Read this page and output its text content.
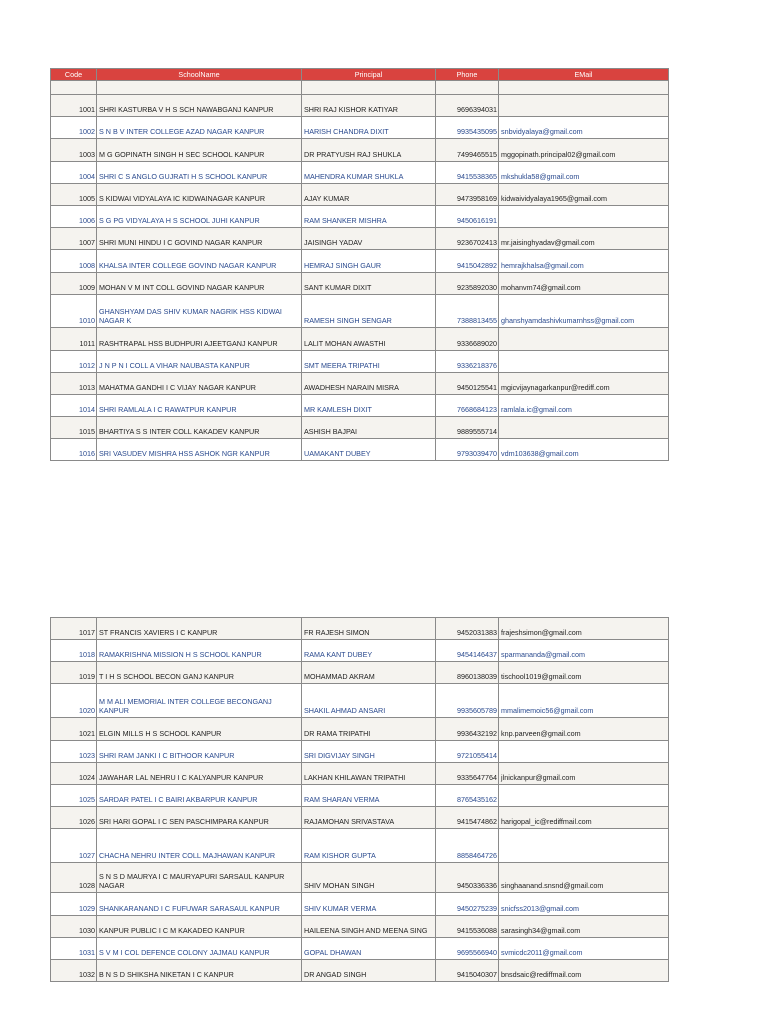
Code	SchoolName	Principal	Phone	EMail

1001	SHRI KASTURBA V H S SCH NAWABGANJ KANPUR	SHRI RAJ KISHOR KATIYAR	9696394031	
1002	S N B V INTER COLLEGE AZAD NAGAR KANPUR	HARISH CHANDRA DIXIT	9935435095	snbvidyalaya@gmail.com
1003	M G GOPINATH SINGH H SEC SCHOOL KANPUR	DR PRATYUSH RAJ SHUKLA	7499465515	mggopinath.principal02@gmail.com
1004	SHRI C S ANGLO GUJRATI H S SCHOOL KANPUR	MAHENDRA KUMAR SHUKLA	9415538365	mkshukla58@gmail.com
1005	S KIDWAI VIDYALAYA IC KIDWAINAGAR KANPUR	AJAY KUMAR	9473958169	kidwaividyalaya1965@gmail.com
1006	S G PG VIDYALAYA H S SCHOOL JUHI KANPUR	RAM SHANKER MISHRA	9450616191	
1007	SHRI MUNI HINDU I C GOVIND NAGAR KANPUR	JAISINGH YADAV	9236702413	mr.jaisinghyadav@gmail.com
1008	KHALSA INTER COLLEGE GOVIND NAGAR KANPUR	HEMRAJ SINGH GAUR	9415042892	hemrajkhalsa@gmail.com
1009	MOHAN V M INT COLL GOVIND NAGAR KANPUR	SANT KUMAR DIXIT	9235892030	mohanvm74@gmail.com
1010	GHANSHYAM DAS SHIV KUMAR NAGRIK HSS KIDWAI NAGAR K	RAMESH SINGH SENGAR	7388813455	ghanshyamdashivkumarnhss@gmail.com
1011	RASHTRAPAL HSS BUDHPURI AJEETGANJ KANPUR	LALIT MOHAN AWASTHI	9336689020	
1012	J N P N I COLL A VIHAR NAUBASTA KANPUR	SMT MEERA TRIPATHI	9336218376	
1013	MAHATMA GANDHI I C VIJAY NAGAR KANPUR	AWADHESH NARAIN MISRA	9450125541	mgicvijaynagarkanpur@rediff.com
1014	SHRI RAMLALA I C RAWATPUR KANPUR	MR KAMLESH DIXIT	7668684123	ramlala.ic@gmail.com
1015	BHARTIYA S S INTER COLL KAKADEV KANPUR	ASHISH BAJPAI	9889555714	
1016	SRI VASUDEV MISHRA HSS ASHOK NGR KANPUR	UAMAKANT DUBEY	9793039470	vdm103638@gmail.com
1017	ST FRANCIS XAVIERS I C KANPUR	FR RAJESH SIMON	9452031383	frajeshsimon@gmail.com
1018	RAMAKRISHNA MISSION H S SCHOOL KANPUR	RAMA KANT DUBEY	9454146437	sparmananda@gmail.com
1019	T I H S SCHOOL BECON GANJ KANPUR	MOHAMMAD AKRAM	8960138039	tischool1019@gmail.com
1020	M M ALI MEMORIAL INTER COLLEGE BECONGANJ KANPUR	SHAKIL AHMAD ANSARI	9935605789	mmalimemoic56@gmail.com
1021	ELGIN MILLS H S SCHOOL KANPUR	DR RAMA TRIPATHI	9936432192	knp.parveen@gmail.com
1023	SHRI RAM JANKI I C BITHOOR KANPUR	SRI DIGVIJAY SINGH	9721055414	
1024	JAWAHAR LAL NEHRU I C KALYANPUR KANPUR	LAKHAN KHILAWAN TRIPATHI	9335647764	jlnickanpur@gmail.com
1025	SARDAR PATEL I C BAIRI AKBARPUR KANPUR	RAM SHARAN VERMA	8765435162	
1026	SRI HARI GOPAL I C SEN PASCHIMPARA KANPUR	RAJAMOHAN SRIVASTAVA	9415474862	harigopal_ic@rediffmail.com
1027	CHACHA NEHRU INTER COLL MAJHAWAN KANPUR	RAM KISHOR GUPTA	8858464726	
1028	S N S D MAURYA I C MAURYAPURI SARSAUL KANPUR NAGAR	SHIV MOHAN SINGH	9450336336	singhaanand.snsnd@gmail.com
1029	SHANKARANAND I C FUFUWAR SARASAUL KANPUR	SHIV KUMAR VERMA	9450275239	snicfss2013@gmail.com
1030	KANPUR PUBLIC I C M KAKADEO KANPUR	HAILEENA SINGH AND MEENA SING	9415536088	sarasingh34@gmail.com
1031	S V M I COL DEFENCE COLONY JAJMAU KANPUR	GOPAL DHAWAN	9695566940	svmicdc2011@gmail.com
1032	B N S D SHIKSHA NIKETAN I C KANPUR	DR ANGAD SINGH	9415040307	bnsdsaic@rediffmail.com
